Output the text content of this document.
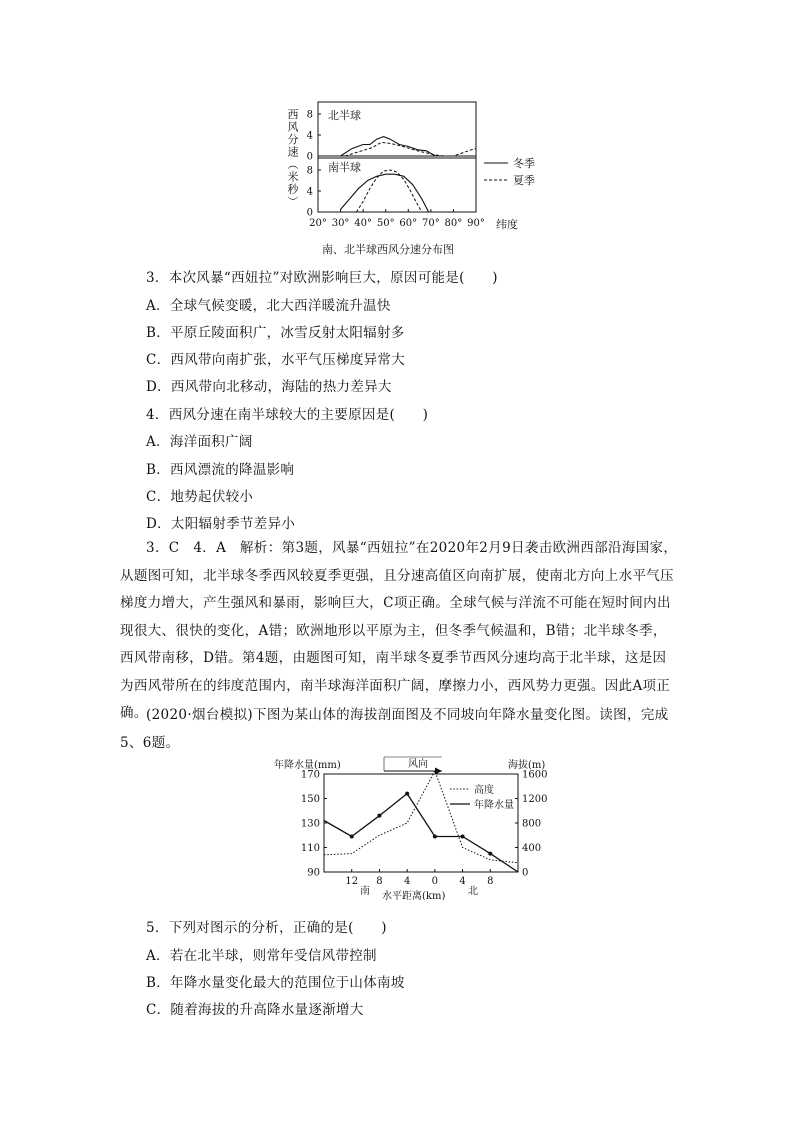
8
4
0
8
4
0
20° 30° 40° 50° 60° 70° 80° 90°
北半球
南半球
纬度
冬季
夏季
西风分速︵米秒︶
南、北半球西风分速分布图
3．本次风暴“西妞拉”对欧洲影响巨大，原因可能是(　　)
A．全球气候变暖，北大西洋暖流升温快
B．平原丘陵面积广，冰雪反射太阳辐射多
C．西风带向南扩张，水平气压梯度异常大
D．西风带向北移动，海陆的热力差异大
4．西风分速在南半球较大的主要原因是(　　)
A．海洋面积广阔
B．西风漂流的降温影响
C．地势起伏较小
D．太阳辐射季节差异小
3．C　4．A　解析：第3题，风暴“西妞拉”在2020年2月9日袭击欧洲西部沿海国家，从题图可知，北半球冬季西风较夏季更强，且分速高值区向南扩展，使南北方向上水平气压梯度力增大，产生强风和暴雨，影响巨大，C项正确。全球气候与洋流不可能在短时间内出现很大、很快的变化，A错；欧洲地形以平原为主，但冬季气候温和，B错；北半球冬季，西风带南移，D错。第4题，由题图可知，南半球冬夏季节西风分速均高于北半球，这是因为西风带所在的纬度范围内，南半球海洋面积广阔，摩擦力小，西风势力更强。因此A项正确。
(2020·烟台模拟)下图为某山体的海拔剖面图及不同坡向年降水量变化图。读图，完成5、6题。
170
150
130
110
90
1600
1200
800
400
0
12 8 4 0 4 8
年降水量(mm)	海拔(m)
风向
高度
年降水量
南	北
水平距离(km)
5．下列对图示的分析，正确的是(　　)
A．若在北半球，则常年受信风带控制
B．年降水量变化最大的范围位于山体南坡
C．随着海拔的升高降水量逐渐增大
